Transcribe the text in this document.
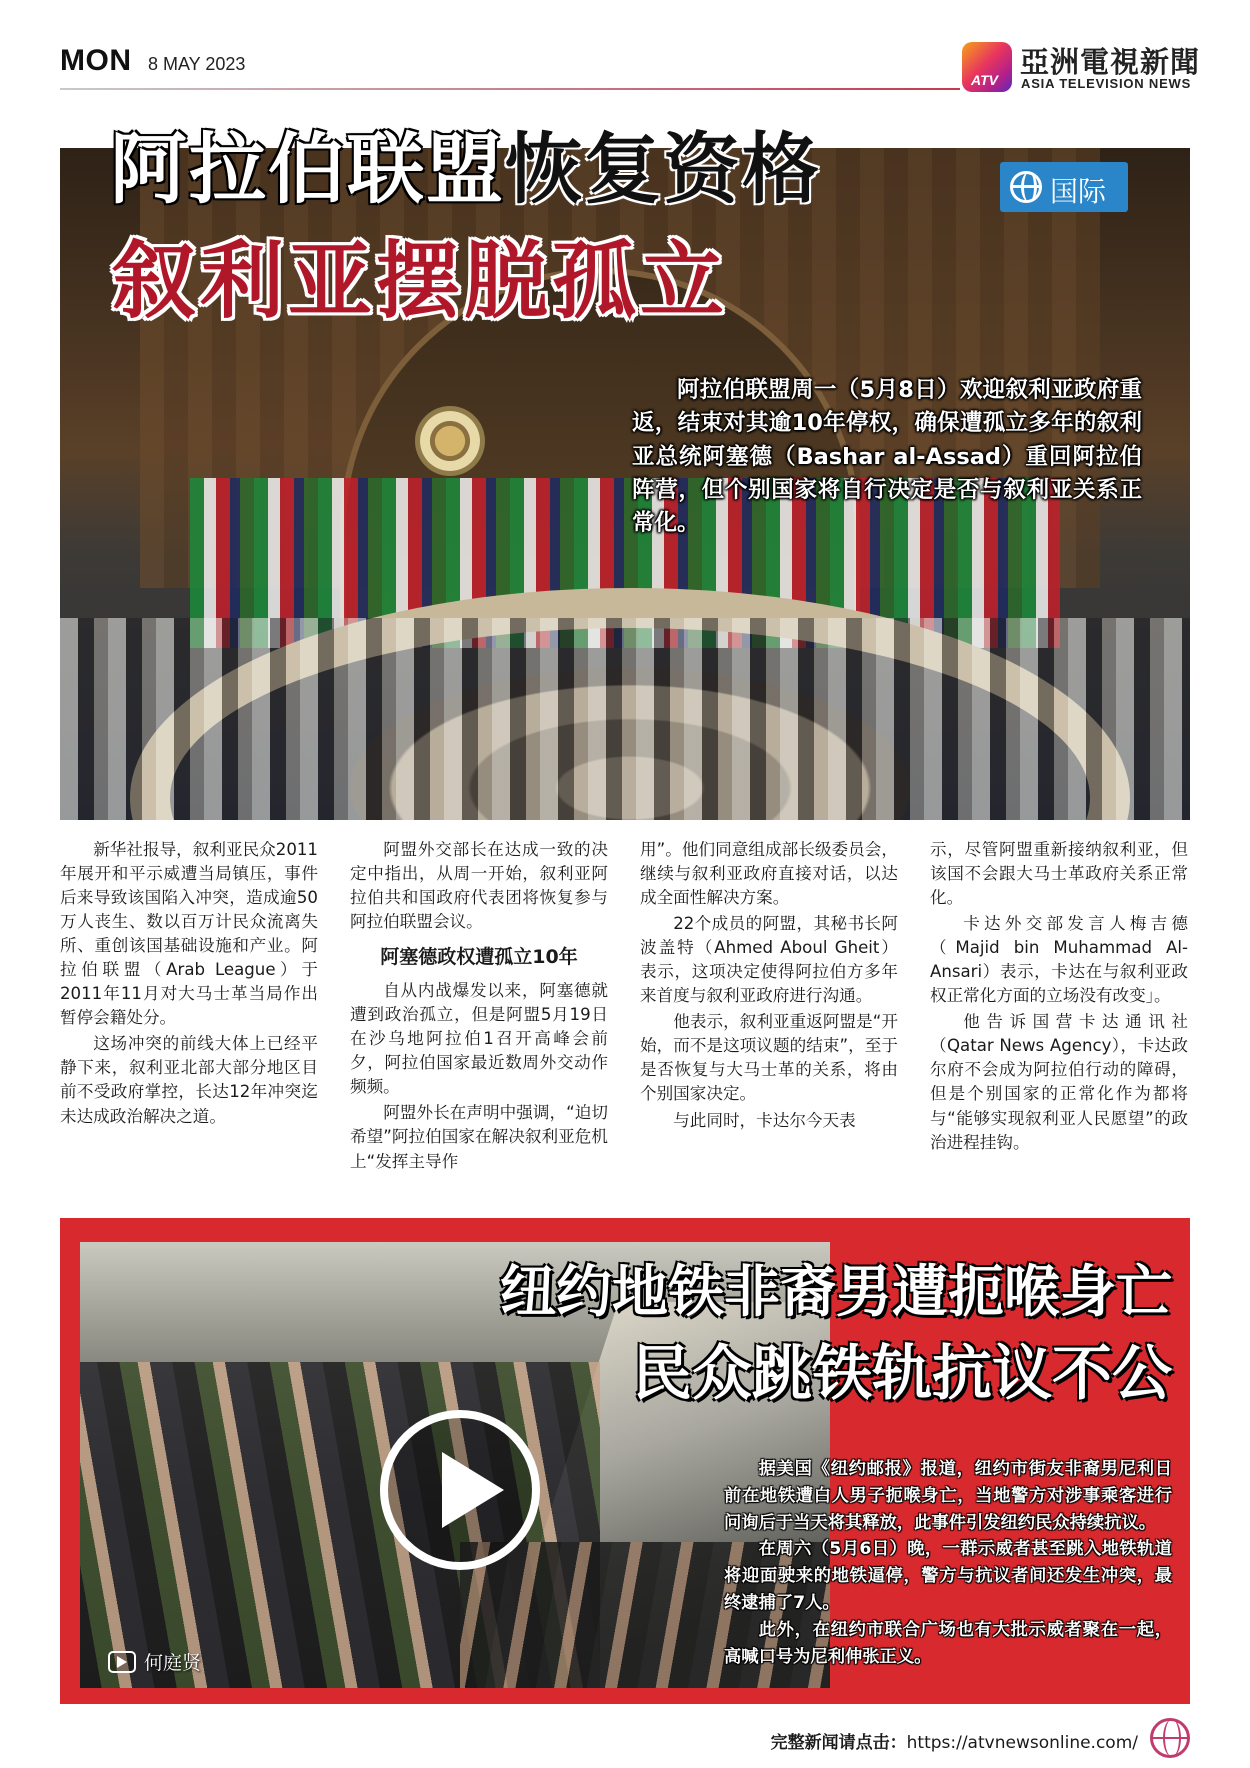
MON 8 MAY 2023
ATV
亞洲電視新聞
ASIA TELEVISION NEWS
阿拉伯联盟恢复资格
叙利亚摆脱孤立
国际
阿拉伯联盟周一（5月8日）欢迎叙利亚政府重返，结束对其逾10年停权，确保遭孤立多年的叙利亚总统阿塞德（Bashar al-Assad）重回阿拉伯阵营，但个别国家将自行决定是否与叙利亚关系正常化。

新华社报导，叙利亚民众2011年展开和平示威遭当局镇压，事件后来导致该国陷入冲突，造成逾50万人丧生、数以百万计民众流离失所、重创该国基础设施和产业。阿拉伯联盟（Arab League）于2011年11月对大马士革当局作出暂停会籍处分。

这场冲突的前线大体上已经平静下来，叙利亚北部大部分地区目前不受政府掌控，长达12年冲突迄未达成政治解决之道。

阿盟外交部长在达成一致的决定中指出，从周一开始，叙利亚阿拉伯共和国政府代表团将恢复参与阿拉伯联盟会议。

阿塞德政权遭孤立10年

自从内战爆发以来，阿塞德就遭到政治孤立，但是阿盟5月19日在沙乌地阿拉伯1召开高峰会前夕，阿拉伯国家最近数周外交动作频频。

阿盟外长在声明中强调，“迫切希望”阿拉伯国家在解决叙利亚危机上“发挥主导作

用”。他们同意组成部长级委员会，继续与叙利亚政府直接对话，以达成全面性解决方案。

22个成员的阿盟，其秘书长阿波盖特（Ahmed Aboul Gheit）表示，这项决定使得阿拉伯方多年来首度与叙利亚政府进行沟通。

他表示，叙利亚重返阿盟是“开始，而不是这项议题的结束”，至于是否恢复与大马士革的关系，将由个别国家决定。

与此同时，卡达尔今天表

示，尽管阿盟重新接纳叙利亚，但该国不会跟大马士革政府关系正常化。

卡达外交部发言人梅吉德（Majid bin Muhammad Al-Ansari）表示，卡达在与叙利亚政权正常化方面的立场没有改变」。

他告诉国营卡达通讯社（Qatar News Agency），卡达政尔府不会成为阿拉伯行动的障碍，但是个别国家的正常化作为都将与“能够实现叙利亚人民愿望”的政治进程挂钩。

何庭贤
纽约地铁非裔男遭扼喉身亡
民众跳铁轨抗议不公

据美国《纽约邮报》报道，纽约市街友非裔男尼利日前在地铁遭白人男子扼喉身亡，当地警方对涉事乘客进行问询后于当天将其释放，此事件引发纽约民众持续抗议。

在周六（5月6日）晚，一群示威者甚至跳入地铁轨道将迎面驶来的地铁逼停，警方与抗议者间还发生冲突，最终逮捕了7人。

此外，在纽约市联合广场也有大批示威者聚在一起，高喊口号为尼利伸张正义。

完整新闻请点击：https://atvnewsonline.com/
